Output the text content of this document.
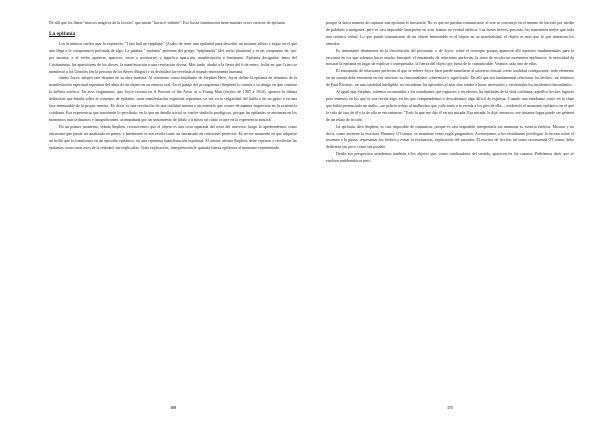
De allí que los llame "marcos mágicos de la ficción" que miran "hacia el infinito". Eso busca iluminación tiene muchas veces carácter de epifanía.

La epifanía

Los británicos suelen usar la expresión: "I just had an epiphany" (Acabo de tener una epifanía) para describir un instante súbito y fugaz en el que uno llega a la comprensión profunda de algo. La palabra " epifanía" proviene del griego "epiphaneia" (del verbo phainein) y es un compuesto de: epi- por encima, y el verbo aparecer, aparecer, verse o mostrarse) y significa aparición, manifestación o fenómeno. Epifanía designaba, antes del Cristianismo, las apariciones de los dioses, la manifestación o una revelación divina. Más tarde, aludió a la fiesta del 6 de enero, fecha en que Cristo se manifestó a los Gentiles (en la persona de los Reyes Magos) y su divinidad fue revelada al mundo enteramente humana.

James Joyce, adoptó este término en su obra maestra. Al comienzo como estudiante de Stephen Hero, Joyce define la epifanía en términos de la manifestación espiritual repentina del alma de un objeto en su esencia real. En el pasaje del protagonista (Stephen) lo cuenta a su amigo en que consiste la belleza estética. En esos fragmentos, que Joyce retoma en A Portrait of the Artist as a Young Man (escrito de 1907 a 1914), aparece la última definición que brinda sobre el concepto de epifanía: «una manifestación espiritual repentina, ya sea en la vulgaridad del habla o de un gesto o en una fase memorable de la propia mente». Es decir, es una revelación de una realidad interna o un misterio que ocurre de manera imprevista en la existencia cotidiana. Esa experiencia que trasciende lo percibido, en la que un detalle trivial se vuelve símbolo prodigioso, porque las epifanías se encarnan en los momentos más ordinarios e insignificantes, acompañada por un sentimiento de júbilo o tristeza tal como ocurre en la experiencia mística.

En un primer momento, señala Stephen, reconocemos que el objeto es una cosa separada del resto del universo, luego lo aprehendemos como estructura que puede ser analizada en partes, y finalmente se nos revela como un entramado de relaciones perfectas. Es en ese momento en que adquiere un brillo que lo transforma en un episodio epifánico, en una repentina manifestación espiritual. El artista, afirma Stephen, debe capturar y recolectar las epifanías como raras aves de la realidad, sin explicarlas. Toda explicación, interpretación le quitaría fuerza epifánica al momento representado

porque la única manera de capturar una epifanía es mostrarla. No es que no puedan comunicarse: el arte se construye en el intento de hacerlo por medio de palabras o imágenes, pero es casi imposible interpretar en esas formas su verdad estética. Las frases breves, precisas, las transmiten mejor que toda una retórica verbal. Lo que puede comunicarse de un objeto memorable es el objeto en su materialidad, el objeto es más que lo que muestran los sentidos.

Es interesante detenernos en la discretación del personaje, o de Joyce, sobre el concepto porque aparecen allí aspectos fundamentales para la escritura en los que solemos hacer mucho hincapié: el entramado de relaciones perfectas, la tarea de recolectar momentos epifánicos; la necesidad de mostrar la epifanía en lugar de explicar o interpretarla; la fuerza del objeto por fuera de lo comunicable. Veamos cada uno de ellos.

El entramado de relaciones perfectas al que se refiere Joyce bien puede asimilarse al universo textual como totalidad configurante: todo elemento en un cuento debe encontrar en ese universo su funcionalidad, coherencia y significado. De allí que sea fundamental relacionar los hechos –en términos de Paul Ricoeur– en una totalidad inteligible, no encadenar los episodios al azar sino tender a hacer necesarios y verosímiles los incidentes discordantes.

Al igual que Stephen, solemos recomendar a los estudiantes que capturen y recolecten las epifanías de la vida cotidiana: aquellos hechos fugaces pero intensos en los que se nos revela algo, en los que comprendemos o descubrimos algo difícil de expresar. Cuando una estudiante contó en la clase que había presenciado un asalto –un policía redujo al malhechor que ¡sólo tenía a la vereda a los pies de ella– , evidenció el momento epifánico en el que la vida de otro de él y la de ella se encontraron: "Todo lo que me dijo él en esa mirada. Esa mirada, le dije, entonces, ese instante fugaz puede ser germen de un relato de ficción.

La epifanía, dice Stephen, es casi imposible de comunicar, porque es casi imposible interpretarla sin aminorar su esencia estética. Mostrar y no decir, como sostiene la escritora Flannery O'Connor, se mantiene como regla pragmática. Aconsejamos a los estudiantes privilegiar la escena sobre el resumen o la pausa, representar los hechos y evitar la evaluación, explicación del narrador. El escritor de ficción, tal como recomienda O'Connor, debe dedicarse tan poco como sea posible.

Desde esa perspectiva atendemos también a los objetos que, como catalizadores del sentido, aparecen en los cuentos. Podríamos decir que se vuelven emblemáticos pero

169	171
